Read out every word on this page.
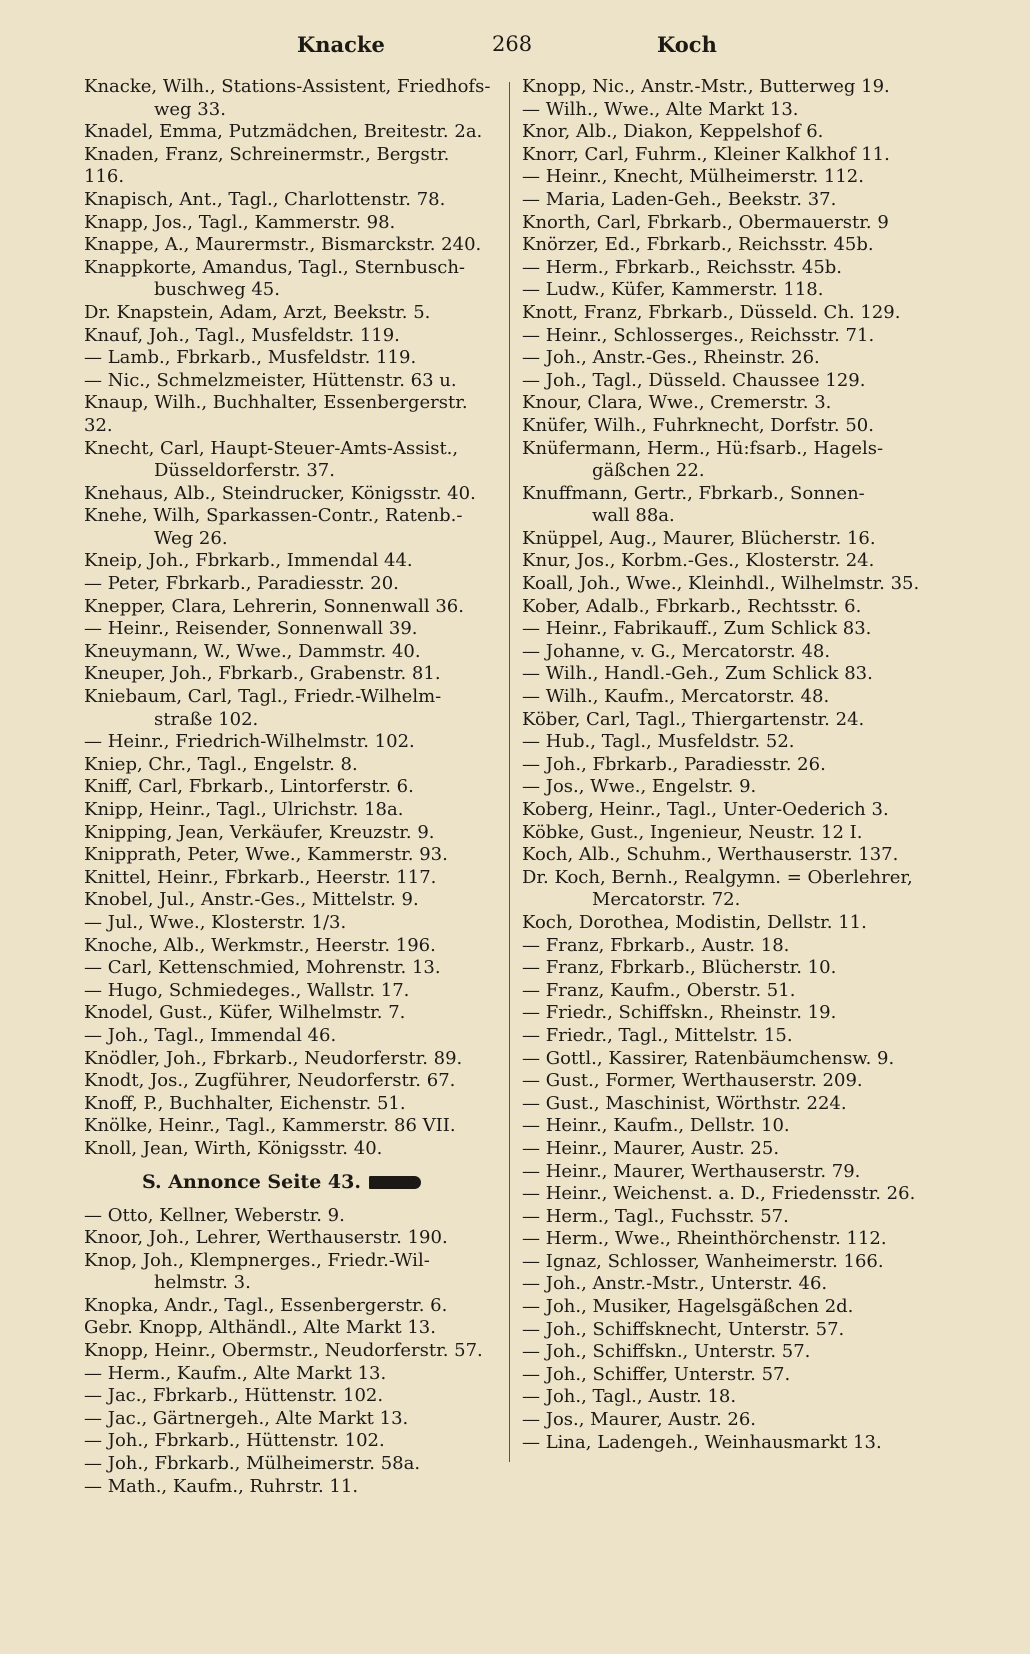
Knacke	268	Koch

Knacke, Wilh., Stations-Assistent, Friedhofs-
weg 33.

Knadel, Emma, Putzmädchen, Breitestr. 2a.

Knaden, Franz, Schreinermstr., Bergstr. 116.

Knapisch, Ant., Tagl., Charlottenstr. 78.

Knapp, Jos., Tagl., Kammerstr. 98.

Knappe, A., Maurermstr., Bismarckstr. 240.

Knappkorte, Amandus, Tagl., Sternbusch-
buschweg 45.

Dr. Knapstein, Adam, Arzt, Beekstr. 5.

Knauf, Joh., Tagl., Musfeldstr. 119.

— Lamb., Fbrkarb., Musfeldstr. 119.

— Nic., Schmelzmeister, Hüttenstr. 63 u.

Knaup, Wilh., Buchhalter, Essenbergerstr. 32.

Knecht, Carl, Haupt-Steuer-Amts-Assist.,
Düsseldorferstr. 37.

Knehaus, Alb., Steindrucker, Königsstr. 40.

Knehe, Wilh, Sparkassen-Contr., Ratenb.-
Weg 26.

Kneip, Joh., Fbrkarb., Immendal 44.

— Peter, Fbrkarb., Paradiesstr. 20.

Knepper, Clara, Lehrerin, Sonnenwall 36.

— Heinr., Reisender, Sonnenwall 39.

Kneuymann, W., Wwe., Dammstr. 40.

Kneuper, Joh., Fbrkarb., Grabenstr. 81.

Kniebaum, Carl, Tagl., Friedr.-Wilhelm-
straße 102.

— Heinr., Friedrich-Wilhelmstr. 102.

Kniep, Chr., Tagl., Engelstr. 8.

Kniff, Carl, Fbrkarb., Lintorferstr. 6.

Knipp, Heinr., Tagl., Ulrichstr. 18a.

Knipping, Jean, Verkäufer, Kreuzstr. 9.

Knipprath, Peter, Wwe., Kammerstr. 93.

Knittel, Heinr., Fbrkarb., Heerstr. 117.

Knobel, Jul., Anstr.-Ges., Mittelstr. 9.

— Jul., Wwe., Klosterstr. 1/3.

Knoche, Alb., Werkmstr., Heerstr. 196.

— Carl, Kettenschmied, Mohrenstr. 13.

— Hugo, Schmiedeges., Wallstr. 17.

Knodel, Gust., Küfer, Wilhelmstr. 7.

— Joh., Tagl., Immendal 46.

Knödler, Joh., Fbrkarb., Neudorferstr. 89.

Knodt, Jos., Zugführer, Neudorferstr. 67.

Knoff, P., Buchhalter, Eichenstr. 51.

Knölke, Heinr., Tagl., Kammerstr. 86 VII.

Knoll, Jean, Wirth, Königsstr. 40.

S. Annonce Seite 43.

— Otto, Kellner, Weberstr. 9.

Knoor, Joh., Lehrer, Werthauserstr. 190.

Knop, Joh., Klempnerges., Friedr.-Wil-
helmstr. 3.

Knopka, Andr., Tagl., Essenbergerstr. 6.

Gebr. Knopp, Althändl., Alte Markt 13.

Knopp, Heinr., Obermstr., Neudorferstr. 57.

— Herm., Kaufm., Alte Markt 13.

— Jac., Fbrkarb., Hüttenstr. 102.

— Jac., Gärtnergeh., Alte Markt 13.

— Joh., Fbrkarb., Hüttenstr. 102.

— Joh., Fbrkarb., Mülheimerstr. 58a.

— Math., Kaufm., Ruhrstr. 11.

Knopp, Nic., Anstr.-Mstr., Butterweg 19.

— Wilh., Wwe., Alte Markt 13.

Knor, Alb., Diakon, Keppelshof 6.

Knorr, Carl, Fuhrm., Kleiner Kalkhof 11.

— Heinr., Knecht, Mülheimerstr. 112.

— Maria, Laden-Geh., Beekstr. 37.

Knorth, Carl, Fbrkarb., Obermauerstr. 9

Knörzer, Ed., Fbrkarb., Reichsstr. 45b.

— Herm., Fbrkarb., Reichsstr. 45b.

— Ludw., Küfer, Kammerstr. 118.

Knott, Franz, Fbrkarb., Düsseld. Ch. 129.

— Heinr., Schlosserges., Reichsstr. 71.

— Joh., Anstr.-Ges., Rheinstr. 26.

— Joh., Tagl., Düsseld. Chaussee 129.

Knour, Clara, Wwe., Cremerstr. 3.

Knüfer, Wilh., Fuhrknecht, Dorfstr. 50.

Knüfermann, Herm., Hü:fsarb., Hagels-
gäßchen 22.

Knuffmann, Gertr., Fbrkarb., Sonnen-
wall 88a.

Knüppel, Aug., Maurer, Blücherstr. 16.

Knur, Jos., Korbm.-Ges., Klosterstr. 24.

Koall, Joh., Wwe., Kleinhdl., Wilhelmstr. 35.

Kober, Adalb., Fbrkarb., Rechtsstr. 6.

— Heinr., Fabrikauff., Zum Schlick 83.

— Johanne, v. G., Mercatorstr. 48.

— Wilh., Handl.-Geh., Zum Schlick 83.

— Wilh., Kaufm., Mercatorstr. 48.

Köber, Carl, Tagl., Thiergartenstr. 24.

— Hub., Tagl., Musfeldstr. 52.

— Joh., Fbrkarb., Paradiesstr. 26.

— Jos., Wwe., Engelstr. 9.

Koberg, Heinr., Tagl., Unter-Oederich 3.

Köbke, Gust., Ingenieur, Neustr. 12 I.

Koch, Alb., Schuhm., Werthauserstr. 137.

Dr. Koch, Bernh., Realgymn. = Oberlehrer,
Mercatorstr. 72.

Koch, Dorothea, Modistin, Dellstr. 11.

— Franz, Fbrkarb., Austr. 18.

— Franz, Fbrkarb., Blücherstr. 10.

— Franz, Kaufm., Oberstr. 51.

— Friedr., Schiffskn., Rheinstr. 19.

— Friedr., Tagl., Mittelstr. 15.

— Gottl., Kassirer, Ratenbäumchensw. 9.

— Gust., Former, Werthauserstr. 209.

— Gust., Maschinist, Wörthstr. 224.

— Heinr., Kaufm., Dellstr. 10.

— Heinr., Maurer, Austr. 25.

— Heinr., Maurer, Werthauserstr. 79.

— Heinr., Weichenst. a. D., Friedensstr. 26.

— Herm., Tagl., Fuchsstr. 57.

— Herm., Wwe., Rheinthörchenstr. 112.

— Ignaz, Schlosser, Wanheimerstr. 166.

— Joh., Anstr.-Mstr., Unterstr. 46.

— Joh., Musiker, Hagelsgäßchen 2d.

— Joh., Schiffsknecht, Unterstr. 57.

— Joh., Schiffskn., Unterstr. 57.

— Joh., Schiffer, Unterstr. 57.

— Joh., Tagl., Austr. 18.

— Jos., Maurer, Austr. 26.

— Lina, Ladengeh., Weinhausmarkt 13.
